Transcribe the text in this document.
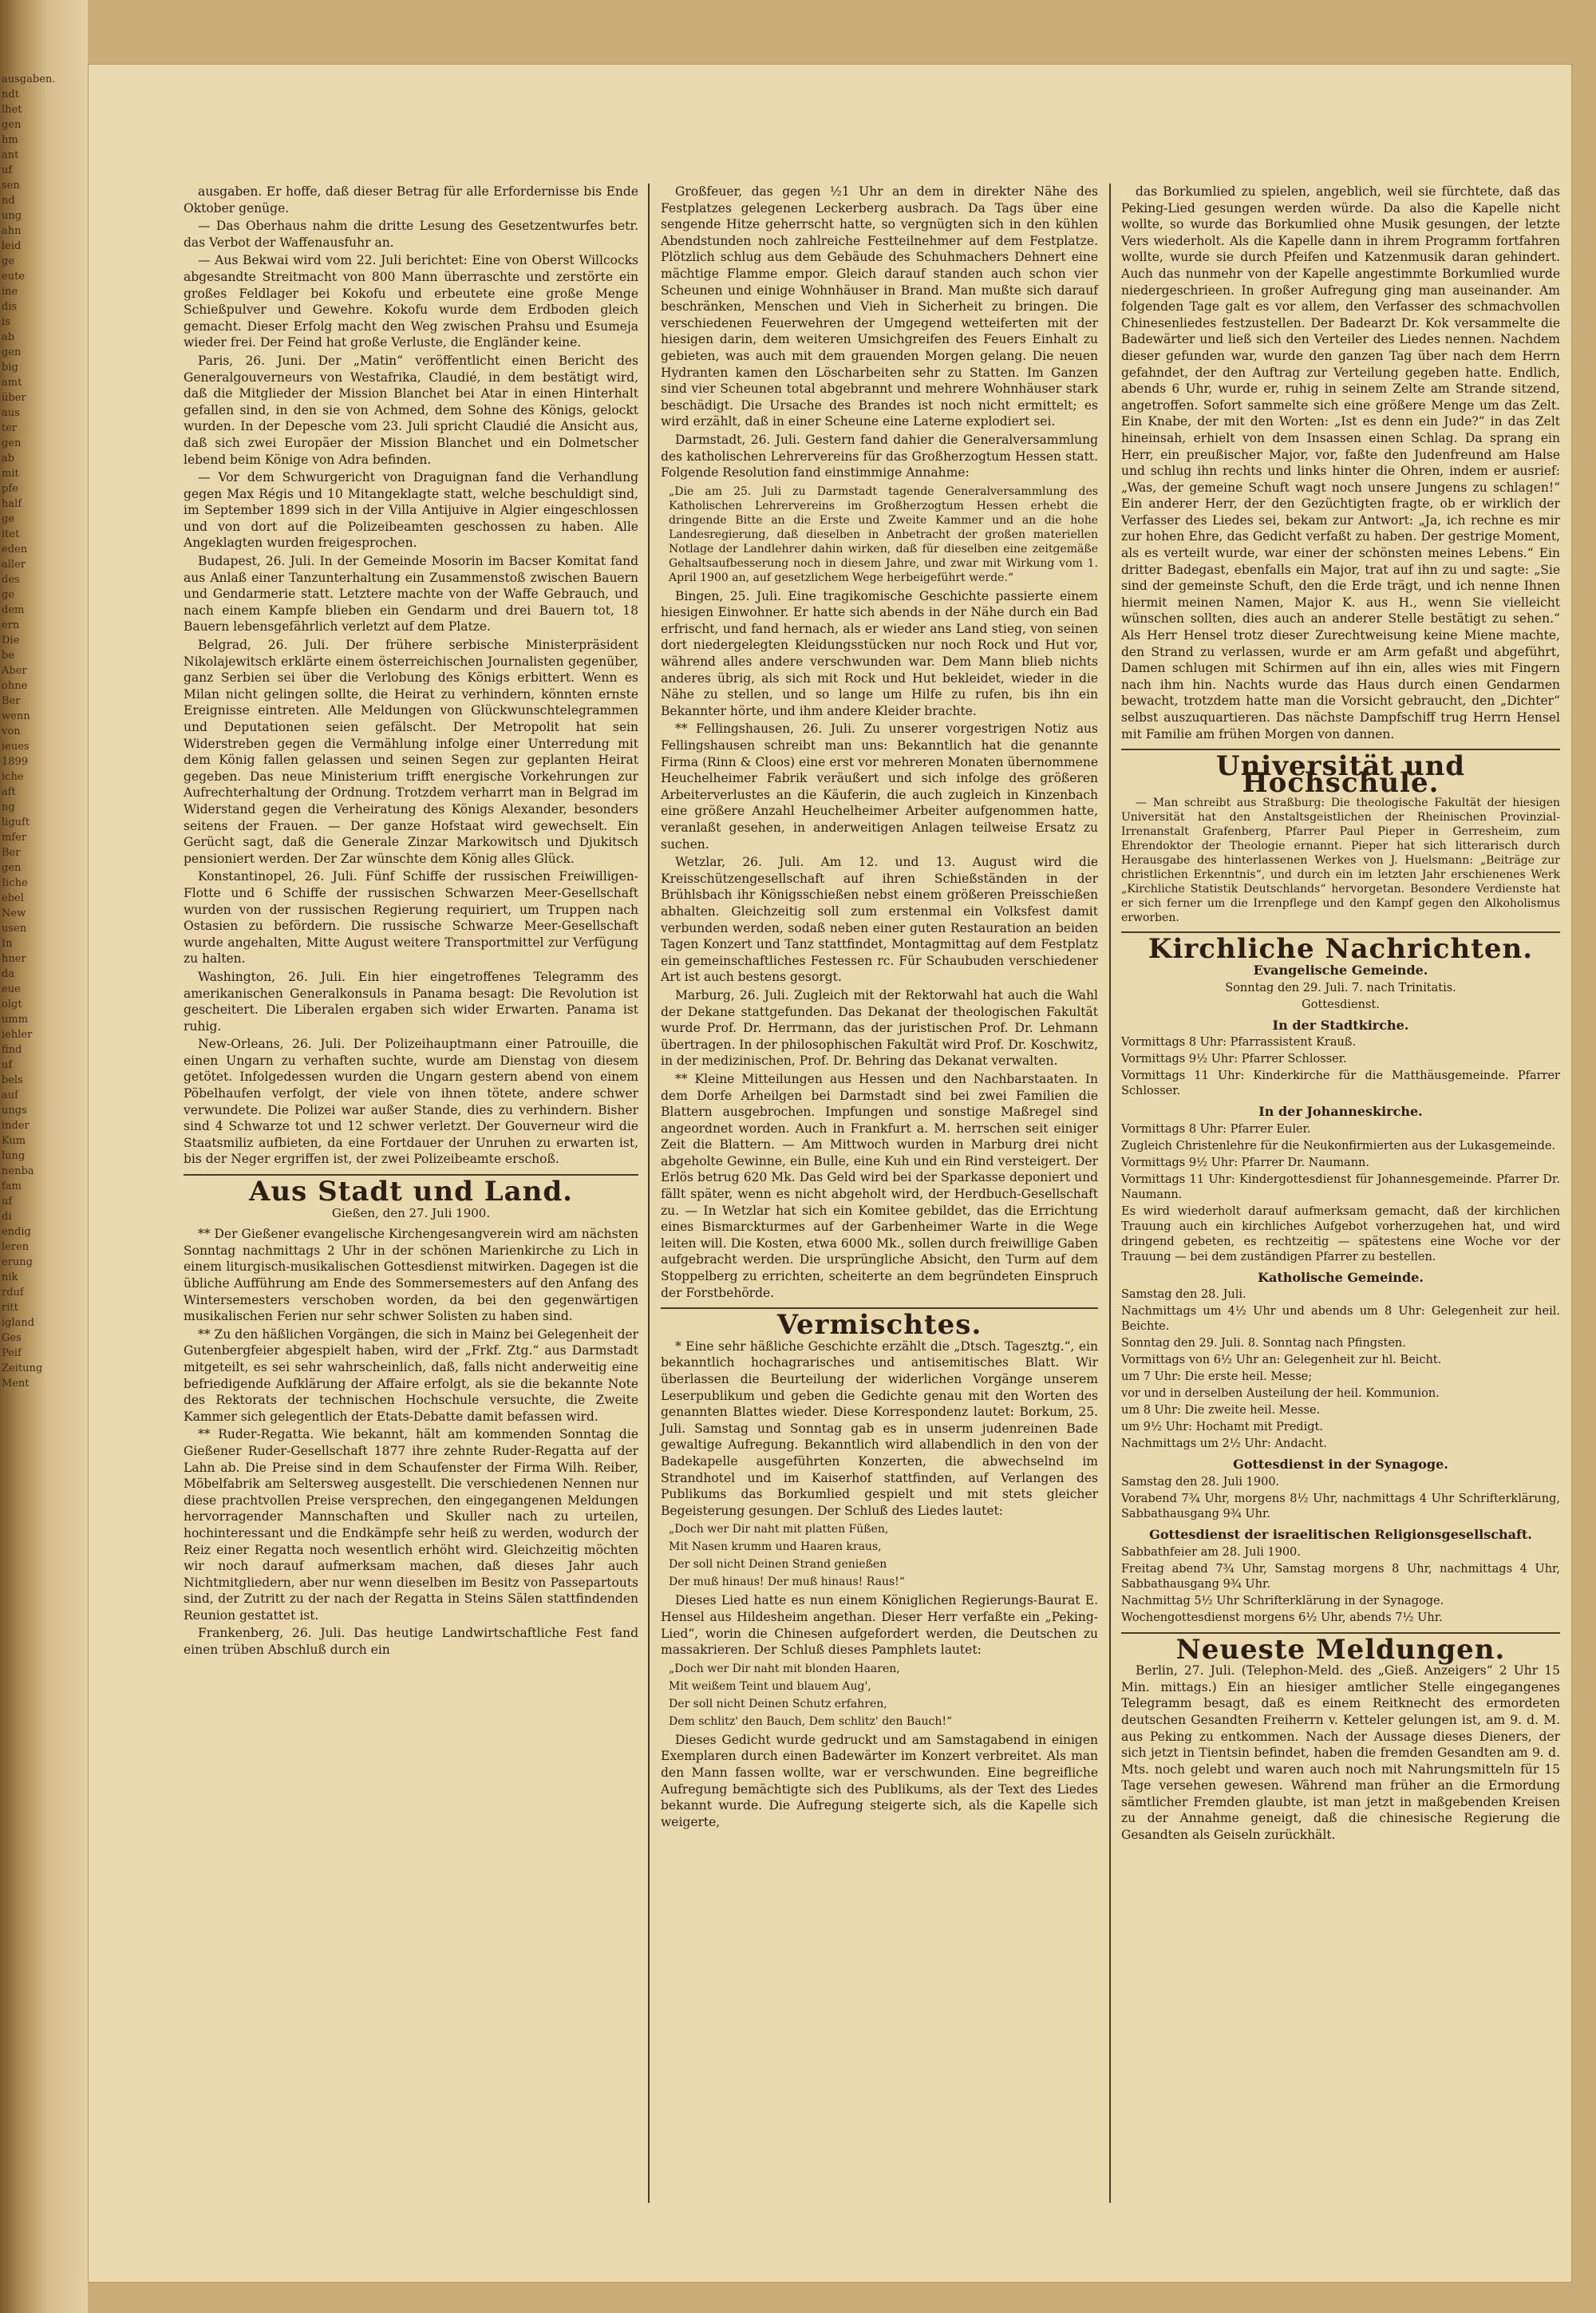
ausgaben.
ndt
lhet
gen
hm
ant
uf
sen
nd
ung
ahn
leid
ge
eute
ine
dis
is
ab
gen
big
amt
über
aus
ter
gen
ab
mit
pfe
half
ge
itet
eden
aller
des
ge
dem
ern
Die
be
Aber
ohne
Ber
wenn
von
ieues
1899
iche
aft
ng
liguft
mfer
Ber
gen
Iiche
ebel
New
usen
In
hner
da
eue
olgt
umm
iehler
find
uf
bels
auf
ungs
inder
Kum
lung
nenba
fam
uf
di
endig
leren
erung
nik
rduf
ritt
igland
Ges
Peif
Zeitung
Ment

ausgaben. Er hoffe, daß dieser Betrag für alle Erfordernisse bis Ende Oktober genüge.

— Das Oberhaus nahm die dritte Lesung des Gesetzentwurfes betr. das Verbot der Waffenausfuhr an.

— Aus Bekwai wird vom 22. Juli berichtet: Eine von Oberst Willcocks abgesandte Streitmacht von 800 Mann überraschte und zerstörte ein großes Feldlager bei Kokofu und erbeutete eine große Menge Schießpulver und Gewehre. Kokofu wurde dem Erdboden gleich gemacht. Dieser Erfolg macht den Weg zwischen Prahsu und Esumeja wieder frei. Der Feind hat große Verluste, die Engländer keine.

Paris, 26. Juni. Der „Matin“ veröffentlicht einen Bericht des Generalgouverneurs von Westafrika, Claudié, in dem bestätigt wird, daß die Mitglieder der Mission Blanchet bei Atar in einen Hinterhalt gefallen sind, in den sie von Achmed, dem Sohne des Königs, gelockt wurden. In der Depesche vom 23. Juli spricht Claudié die Ansicht aus, daß sich zwei Europäer der Mission Blanchet und ein Dolmetscher lebend beim Könige von Adra befinden.

— Vor dem Schwurgericht von Draguignan fand die Verhandlung gegen Max Régis und 10 Mitangeklagte statt, welche beschuldigt sind, im September 1899 sich in der Villa Antijuive in Algier eingeschlossen und von dort auf die Polizeibeamten geschossen zu haben. Alle Angeklagten wurden freigesprochen.

Budapest, 26. Juli. In der Gemeinde Mosorin im Bacser Komitat fand aus Anlaß einer Tanzunterhaltung ein Zusammenstoß zwischen Bauern und Gendarmerie statt. Letztere machte von der Waffe Gebrauch, und nach einem Kampfe blieben ein Gendarm und drei Bauern tot, 18 Bauern lebensgefährlich verletzt auf dem Platze.

Belgrad, 26. Juli. Der frühere serbische Ministerpräsident Nikolajewitsch erklärte einem österreichischen Journalisten gegenüber, ganz Serbien sei über die Verlobung des Königs erbittert. Wenn es Milan nicht gelingen sollte, die Heirat zu verhindern, könnten ernste Ereignisse eintreten. Alle Meldungen von Glückwunschtelegrammen und Deputationen seien gefälscht. Der Metropolit hat sein Widerstreben gegen die Vermählung infolge einer Unterredung mit dem König fallen gelassen und seinen Segen zur geplanten Heirat gegeben. Das neue Ministerium trifft energische Vorkehrungen zur Aufrechterhaltung der Ordnung. Trotzdem verharrt man in Belgrad im Widerstand gegen die Verheiratung des Königs Alexander, besonders seitens der Frauen. — Der ganze Hofstaat wird gewechselt. Ein Gerücht sagt, daß die Generale Zinzar Markowitsch und Djukitsch pensioniert werden. Der Zar wünschte dem König alles Glück.

Konstantinopel, 26. Juli. Fünf Schiffe der russischen Freiwilligen-Flotte und 6 Schiffe der russischen Schwarzen Meer-Gesellschaft wurden von der russischen Regierung requiriert, um Truppen nach Ostasien zu befördern. Die russische Schwarze Meer-Gesellschaft wurde angehalten, Mitte August weitere Transportmittel zur Verfügung zu halten.

Washington, 26. Juli. Ein hier eingetroffenes Telegramm des amerikanischen Generalkonsuls in Panama besagt: Die Revolution ist gescheitert. Die Liberalen ergaben sich wider Erwarten. Panama ist ruhig.

New-Orleans, 26. Juli. Der Polizeihauptmann einer Patrouille, die einen Ungarn zu verhaften suchte, wurde am Dienstag von diesem getötet. Infolgedessen wurden die Ungarn gestern abend von einem Pöbelhaufen verfolgt, der viele von ihnen tötete, andere schwer verwundete. Die Polizei war außer Stande, dies zu verhindern. Bisher sind 4 Schwarze tot und 12 schwer verletzt. Der Gouverneur wird die Staatsmiliz aufbieten, da eine Fortdauer der Unruhen zu erwarten ist, bis der Neger ergriffen ist, der zwei Polizeibeamte erschoß.

Aus Stadt und Land.
Gießen, den 27. Juli 1900.

** Der Gießener evangelische Kirchengesangverein wird am nächsten Sonntag nachmittags 2 Uhr in der schönen Marienkirche zu Lich in einem liturgisch-musikalischen Gottesdienst mitwirken. Dagegen ist die übliche Aufführung am Ende des Sommersemesters auf den Anfang des Wintersemesters verschoben worden, da bei den gegenwärtigen musikalischen Ferien nur sehr schwer Solisten zu haben sind.

** Zu den häßlichen Vorgängen, die sich in Mainz bei Gelegenheit der Gutenbergfeier abgespielt haben, wird der „Frkf. Ztg.“ aus Darmstadt mitgeteilt, es sei sehr wahrscheinlich, daß, falls nicht anderweitig eine befriedigende Aufklärung der Affaire erfolgt, als sie die bekannte Note des Rektorats der technischen Hochschule versuchte, die Zweite Kammer sich gelegentlich der Etats-Debatte damit befassen wird.

** Ruder-Regatta. Wie bekannt, hält am kommenden Sonntag die Gießener Ruder-Gesellschaft 1877 ihre zehnte Ruder-Regatta auf der Lahn ab. Die Preise sind in dem Schaufenster der Firma Wilh. Reiber, Möbelfabrik am Seltersweg ausgestellt. Die verschiedenen Nennen nur diese prachtvollen Preise versprechen, den eingegangenen Meldungen hervorragender Mannschaften und Skuller nach zu urteilen, hochinteressant und die Endkämpfe sehr heiß zu werden, wodurch der Reiz einer Regatta noch wesentlich erhöht wird. Gleichzeitig möchten wir noch darauf aufmerksam machen, daß dieses Jahr auch Nichtmitgliedern, aber nur wenn dieselben im Besitz von Passepartouts sind, der Zutritt zu der nach der Regatta in Steins Sälen stattfindenden Reunion gestattet ist.

Frankenberg, 26. Juli. Das heutige Landwirtschaftliche Fest fand einen trüben Abschluß durch ein

Großfeuer, das gegen ½1 Uhr an dem in direkter Nähe des Festplatzes gelegenen Leckerberg ausbrach. Da Tags über eine sengende Hitze geherrscht hatte, so vergnügten sich in den kühlen Abendstunden noch zahlreiche Festteilnehmer auf dem Festplatze. Plötzlich schlug aus dem Gebäude des Schuhmachers Dehnert eine mächtige Flamme empor. Gleich darauf standen auch schon vier Scheunen und einige Wohnhäuser in Brand. Man mußte sich darauf beschränken, Menschen und Vieh in Sicherheit zu bringen. Die verschiedenen Feuerwehren der Umgegend wetteiferten mit der hiesigen darin, dem weiteren Umsichgreifen des Feuers Einhalt zu gebieten, was auch mit dem grauenden Morgen gelang. Die neuen Hydranten kamen den Löscharbeiten sehr zu Statten. Im Ganzen sind vier Scheunen total abgebrannt und mehrere Wohnhäuser stark beschädigt. Die Ursache des Brandes ist noch nicht ermittelt; es wird erzählt, daß in einer Scheune eine Laterne explodiert sei.

Darmstadt, 26. Juli. Gestern fand dahier die Generalversammlung des katholischen Lehrervereins für das Großherzogtum Hessen statt. Folgende Resolution fand einstimmige Annahme:

„Die am 25. Juli zu Darmstadt tagende Generalversammlung des Katholischen Lehrervereins im Großherzogtum Hessen erhebt die dringende Bitte an die Erste und Zweite Kammer und an die hohe Landesregierung, daß dieselben in Anbetracht der großen materiellen Notlage der Landlehrer dahin wirken, daß für dieselben eine zeitgemäße Gehaltsaufbesserung noch in diesem Jahre, und zwar mit Wirkung vom 1. April 1900 an, auf gesetzlichem Wege herbeigeführt werde.“

Bingen, 25. Juli. Eine tragikomische Geschichte passierte einem hiesigen Einwohner. Er hatte sich abends in der Nähe durch ein Bad erfrischt, und fand hernach, als er wieder ans Land stieg, von seinen dort niedergelegten Kleidungsstücken nur noch Rock und Hut vor, während alles andere verschwunden war. Dem Mann blieb nichts anderes übrig, als sich mit Rock und Hut bekleidet, wieder in die Nähe zu stellen, und so lange um Hilfe zu rufen, bis ihn ein Bekannter hörte, und ihm andere Kleider brachte.

** Fellingshausen, 26. Juli. Zu unserer vorgestrigen Notiz aus Fellingshausen schreibt man uns: Bekanntlich hat die genannte Firma (Rinn & Cloos) eine erst vor mehreren Monaten übernommene Heuchelheimer Fabrik veräußert und sich infolge des größeren Arbeiterverlustes an die Käuferin, die auch zugleich in Kinzenbach eine größere Anzahl Heuchelheimer Arbeiter aufgenommen hatte, veranlaßt gesehen, in anderweitigen Anlagen teilweise Ersatz zu suchen.

Wetzlar, 26. Juli. Am 12. und 13. August wird die Kreisschützengesellschaft auf ihren Schießständen in der Brühlsbach ihr Königsschießen nebst einem größeren Preisschießen abhalten. Gleichzeitig soll zum erstenmal ein Volksfest damit verbunden werden, sodaß neben einer guten Restauration an beiden Tagen Konzert und Tanz stattfindet, Montagmittag auf dem Festplatz ein gemeinschaftliches Festessen rc. Für Schaubuden verschiedener Art ist auch bestens gesorgt.

Marburg, 26. Juli. Zugleich mit der Rektorwahl hat auch die Wahl der Dekane stattgefunden. Das Dekanat der theologischen Fakultät wurde Prof. Dr. Herrmann, das der juristischen Prof. Dr. Lehmann übertragen. In der philosophischen Fakultät wird Prof. Dr. Koschwitz, in der medizinischen, Prof. Dr. Behring das Dekanat verwalten.

** Kleine Mitteilungen aus Hessen und den Nachbarstaaten. In dem Dorfe Arheilgen bei Darmstadt sind bei zwei Familien die Blattern ausgebrochen. Impfungen und sonstige Maßregel sind angeordnet worden. Auch in Frankfurt a. M. herrschen seit einiger Zeit die Blattern. — Am Mittwoch wurden in Marburg drei nicht abgeholte Gewinne, ein Bulle, eine Kuh und ein Rind versteigert. Der Erlös betrug 620 Mk. Das Geld wird bei der Sparkasse deponiert und fällt später, wenn es nicht abgeholt wird, der Herdbuch-Gesellschaft zu. — In Wetzlar hat sich ein Komitee gebildet, das die Errichtung eines Bismarckturmes auf der Garbenheimer Warte in die Wege leiten will. Die Kosten, etwa 6000 Mk., sollen durch freiwillige Gaben aufgebracht werden. Die ursprüngliche Absicht, den Turm auf dem Stoppelberg zu errichten, scheiterte an dem begründeten Einspruch der Forstbehörde.

Vermischtes.

* Eine sehr häßliche Geschichte erzählt die „Dtsch. Tagesztg.“, ein bekanntlich hochagrarisches und antisemitisches Blatt. Wir überlassen die Beurteilung der widerlichen Vorgänge unserem Leserpublikum und geben die Gedichte genau mit den Worten des genannten Blattes wieder. Diese Korrespondenz lautet: Borkum, 25. Juli. Samstag und Sonntag gab es in unserm judenreinen Bade gewaltige Aufregung. Bekanntlich wird allabendlich in den von der Badekapelle ausgeführten Konzerten, die abwechselnd im Strandhotel und im Kaiserhof stattfinden, auf Verlangen des Publikums das Borkumlied gespielt und mit stets gleicher Begeisterung gesungen. Der Schluß des Liedes lautet:

„Doch wer Dir naht mit platten Füßen,

Mit Nasen krumm und Haaren kraus,

Der soll nicht Deinen Strand genießen

Der muß hinaus! Der muß hinaus! Raus!“

Dieses Lied hatte es nun einem Königlichen Regierungs-Baurat E. Hensel aus Hildesheim angethan. Dieser Herr verfaßte ein „Peking-Lied“, worin die Chinesen aufgefordert werden, die Deutschen zu massakrieren. Der Schluß dieses Pamphlets lautet:

„Doch wer Dir naht mit blonden Haaren,

Mit weißem Teint und blauem Aug',

Der soll nicht Deinen Schutz erfahren,

Dem schlitz' den Bauch, Dem schlitz' den Bauch!“

Dieses Gedicht wurde gedruckt und am Samstagabend in einigen Exemplaren durch einen Badewärter im Konzert verbreitet. Als man den Mann fassen wollte, war er verschwunden. Eine begreifliche Aufregung bemächtigte sich des Publikums, als der Text des Liedes bekannt wurde. Die Aufregung steigerte sich, als die Kapelle sich weigerte,

das Borkumlied zu spielen, angeblich, weil sie fürchtete, daß das Peking-Lied gesungen werden würde. Da also die Kapelle nicht wollte, so wurde das Borkumlied ohne Musik gesungen, der letzte Vers wiederholt. Als die Kapelle dann in ihrem Programm fortfahren wollte, wurde sie durch Pfeifen und Katzenmusik daran gehindert. Auch das nunmehr von der Kapelle angestimmte Borkumlied wurde niedergeschrieen. In großer Aufregung ging man auseinander. Am folgenden Tage galt es vor allem, den Verfasser des schmachvollen Chinesenliedes festzustellen. Der Badearzt Dr. Kok versammelte die Badewärter und ließ sich den Verteiler des Liedes nennen. Nachdem dieser gefunden war, wurde den ganzen Tag über nach dem Herrn gefahndet, der den Auftrag zur Verteilung gegeben hatte. Endlich, abends 6 Uhr, wurde er, ruhig in seinem Zelte am Strande sitzend, angetroffen. Sofort sammelte sich eine größere Menge um das Zelt. Ein Knabe, der mit den Worten: „Ist es denn ein Jude?“ in das Zelt hineinsah, erhielt von dem Insassen einen Schlag. Da sprang ein Herr, ein preußischer Major, vor, faßte den Judenfreund am Halse und schlug ihn rechts und links hinter die Ohren, indem er ausrief: „Was, der gemeine Schuft wagt noch unsere Jungens zu schlagen!“ Ein anderer Herr, der den Gezüchtigten fragte, ob er wirklich der Verfasser des Liedes sei, bekam zur Antwort: „Ja, ich rechne es mir zur hohen Ehre, das Gedicht verfaßt zu haben. Der gestrige Moment, als es verteilt wurde, war einer der schönsten meines Lebens.“ Ein dritter Badegast, ebenfalls ein Major, trat auf ihn zu und sagte: „Sie sind der gemeinste Schuft, den die Erde trägt, und ich nenne Ihnen hiermit meinen Namen, Major K. aus H., wenn Sie vielleicht wünschen sollten, dies auch an anderer Stelle bestätigt zu sehen.“ Als Herr Hensel trotz dieser Zurechtweisung keine Miene machte, den Strand zu verlassen, wurde er am Arm gefaßt und abgeführt, Damen schlugen mit Schirmen auf ihn ein, alles wies mit Fingern nach ihm hin. Nachts wurde das Haus durch einen Gendarmen bewacht, trotzdem hatte man die Vorsicht gebraucht, den „Dichter“ selbst auszuquartieren. Das nächste Dampfschiff trug Herrn Hensel mit Familie am frühen Morgen von dannen.

Universität und Hochschule.

— Man schreibt aus Straßburg: Die theologische Fakultät der hiesigen Universität hat den Anstaltsgeistlichen der Rheinischen Provinzial-Irrenanstalt Grafenberg, Pfarrer Paul Pieper in Gerresheim, zum Ehrendoktor der Theologie ernannt. Pieper hat sich litterarisch durch Herausgabe des hinterlassenen Werkes von J. Huelsmann: „Beiträge zur christlichen Erkenntnis“, und durch ein im letzten Jahr erschienenes Werk „Kirchliche Statistik Deutschlands“ hervorgetan. Besondere Verdienste hat er sich ferner um die Irrenpflege und den Kampf gegen den Alkoholismus erworben.

Kirchliche Nachrichten.
Evangelische Gemeinde.

Sonntag den 29. Juli. 7. nach Trinitatis.

Gottesdienst.

In der Stadtkirche.

Vormittags 8 Uhr: Pfarrassistent Krauß.

Vormittags 9½ Uhr: Pfarrer Schlosser.

Vormittags 11 Uhr: Kinderkirche für die Matthäusgemeinde. Pfarrer Schlosser.

In der Johanneskirche.

Vormittags 8 Uhr: Pfarrer Euler.

Zugleich Christenlehre für die Neukonfirmierten aus der Lukasgemeinde.

Vormittags 9½ Uhr: Pfarrer Dr. Naumann.

Vormittags 11 Uhr: Kindergottesdienst für Johannesgemeinde. Pfarrer Dr. Naumann.

Es wird wiederholt darauf aufmerksam gemacht, daß der kirchlichen Trauung auch ein kirchliches Aufgebot vorherzugehen hat, und wird dringend gebeten, es rechtzeitig — spätestens eine Woche vor der Trauung — bei dem zuständigen Pfarrer zu bestellen.

Katholische Gemeinde.

Samstag den 28. Juli.

Nachmittags um 4½ Uhr und abends um 8 Uhr: Gelegenheit zur heil. Beichte.

Sonntag den 29. Juli. 8. Sonntag nach Pfingsten.

Vormittags von 6½ Uhr an: Gelegenheit zur hl. Beicht.

um 7 Uhr: Die erste heil. Messe;

vor und in derselben Austeilung der heil. Kommunion.

um 8 Uhr: Die zweite heil. Messe.

um 9½ Uhr: Hochamt mit Predigt.

Nachmittags um 2½ Uhr: Andacht.

Gottesdienst in der Synagoge.

Samstag den 28. Juli 1900.

Vorabend 7¾ Uhr, morgens 8½ Uhr, nachmittags 4 Uhr Schrifterklärung, Sabbathausgang 9¾ Uhr.

Gottesdienst der israelitischen Religionsgesellschaft.

Sabbathfeier am 28. Juli 1900.

Freitag abend 7¾ Uhr, Samstag morgens 8 Uhr, nachmittags 4 Uhr, Sabbathausgang 9¾ Uhr.

Nachmittag 5½ Uhr Schrifterklärung in der Synagoge.

Wochengottesdienst morgens 6½ Uhr, abends 7½ Uhr.

Neueste Meldungen.

Berlin, 27. Juli. (Telephon-Meld. des „Gieß. Anzeigers“ 2 Uhr 15 Min. mittags.) Ein an hiesiger amtlicher Stelle eingegangenes Telegramm besagt, daß es einem Reitknecht des ermordeten deutschen Gesandten Freiherrn v. Ketteler gelungen ist, am 9. d. M. aus Peking zu entkommen. Nach der Aussage dieses Dieners, der sich jetzt in Tientsin befindet, haben die fremden Gesandten am 9. d. Mts. noch gelebt und waren auch noch mit Nahrungsmitteln für 15 Tage versehen gewesen. Während man früher an die Ermordung sämtlicher Fremden glaubte, ist man jetzt in maßgebenden Kreisen zu der Annahme geneigt, daß die chinesische Regierung die Gesandten als Geiseln zurückhält.
